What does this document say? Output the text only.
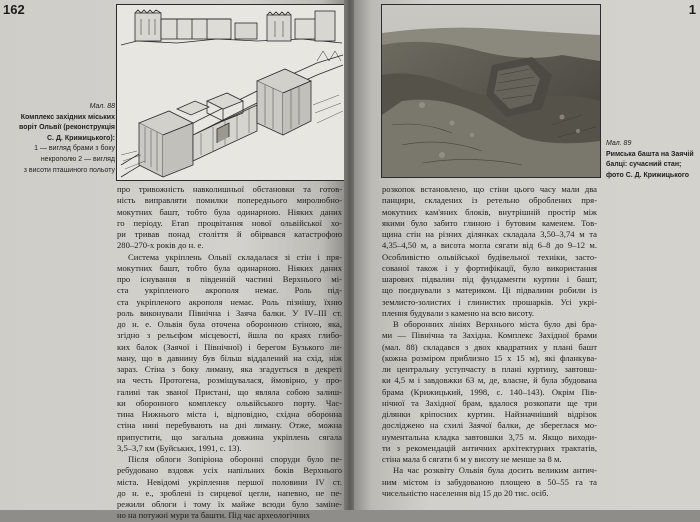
162
Мал. 88
Комплекс західних міських
воріт Ольвії (реконструкція
С. Д. Крижицького):
1 — вигляд брами з боку
некрополю 2 — вигляд
з висоти пташиного польоту

про тривожність навколишньої обстановки та готов-
ність виправляти помилки попереднього миролюбно-
мокутних башт, тобто була одинарною. Ніяких даних
го періоду. Етап процвітання нової ольвійської хо-
ри тривав понад століття й обірвався катастрофою
280–270-х років до н. е.

Система укріплень Ольвії складалася зі стін і пря-
мокутних башт, тобто була одинарною. Ніяких даних
про існування в південній частині Верхнього мі-
ста укріпленого акрополя немає. Роль під-
ста укріпленого акрополя немає. Роль пізнішу, їхню
роль виконували Північна і Заяча балки. У IV–III ст.
до н. е. Ольвія була оточена оборонною стіною, яка,
згідно з рельєфом місцевості, йшла по краях глибо-
ких балок (Заячої і Північної) і берегом Бузького ли-
ману, що в давнину був більш віддалений на схід, ніж
зараз. Стіна з боку лиману, яка згадується в декреті
на честь Протогена, розміщувалася, ймовірно, у про-
галині так званої Пристані, що являла собою залиш-
ки оборонного комплексу ольвійського порту. Час-
тина Нижнього міста і, відповідно, східна оборонна
стіна нині перебувають на дні лиману. Отже, можна
припустити, що загальна довжина укріплень сягала
3,5–3,7 км (Буйських, 1991, с. 13).

Після облоги Зопіріона оборонні споруди було пе-
ребудовано вздовж усіх напільних боків Верхнього
міста. Невідомі укріплення першої половини IV ст.
до н. е., зроблені із сирцевої цегли, напевно, не пе-
режили облоги і тому їх майже всюди було заміне-
но на потужні мури та башти. Під час археологічних

1
Мал. 89
Римська башта на Заячій
балці: сучасний стан;
фото С. Д. Крижицького

розкопок встановлено, що стіни цього часу мали два
панцири, складених із ретельно оброблених пря-
мокутних кам'яних блоків, внутрішній простір між
якими було забито глиною і бутовим каменем. Тов-
щина стін на різних ділянках складала 3,50–3,74 м та
4,35–4,50 м, а висота могла сягати від 6–8 до 9–12 м.
Особливістю ольвійської будівельної техніки, засто-
сованої також і у фортифікації, було використання
шарових підвалин під фундаменти куртин і башт,
що поєднували з материком. Ці підвалини робили із
землисто-золистих і глинистих прошарків. Усі укрі-
плення будували з каменю на всю висоту.

В оборонних лініях Верхнього міста було дві бра-
ми — Північна та Західна. Комплекс Західної брами
(мал. 88) складався з двох квадратних у плані башт
(кожна розміром приблизно 15 х 15 м), які фланкува-
ли центральну уступчасту в плані куртину, завтовш-
ки 4,5 м і завдовжки 63 м, де, власне, й була збудована
брама (Крижицький, 1998, с. 140–143). Окрім Пів-
нічної та Західної брам, вдалося розкопати ще три
ділянки кріпосних куртин. Найзначніший відрізок
досліджено на схилі Заячої балки, де збереглася мо-
нументальна кладка завтовшки 3,75 м. Якщо виходи-
ти з рекомендацій античних архітектурних трактатів,
стіна мала б сягати 6 м у висоту не менше за 8 м.

На час розквіту Ольвія була досить великим антич-
ним містом із забудованою площею в 50–55 га та
чисельністю населення від 15 до 20 тис. осіб.
